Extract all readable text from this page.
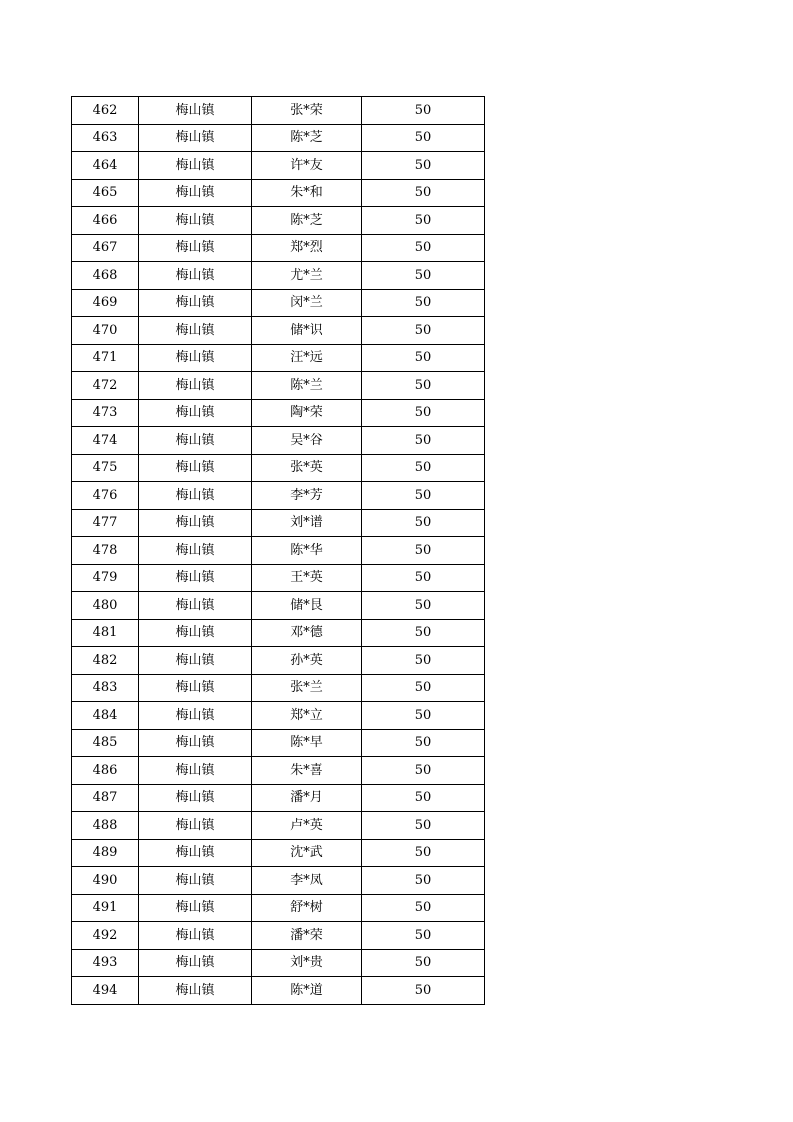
462	梅山镇	张*荣	50
463	梅山镇	陈*芝	50
464	梅山镇	许*友	50
465	梅山镇	朱*和	50
466	梅山镇	陈*芝	50
467	梅山镇	郑*烈	50
468	梅山镇	尤*兰	50
469	梅山镇	闵*兰	50
470	梅山镇	储*识	50
471	梅山镇	汪*远	50
472	梅山镇	陈*兰	50
473	梅山镇	陶*荣	50
474	梅山镇	吴*谷	50
475	梅山镇	张*英	50
476	梅山镇	李*芳	50
477	梅山镇	刘*谱	50
478	梅山镇	陈*华	50
479	梅山镇	王*英	50
480	梅山镇	储*艮	50
481	梅山镇	邓*德	50
482	梅山镇	孙*英	50
483	梅山镇	张*兰	50
484	梅山镇	郑*立	50
485	梅山镇	陈*早	50
486	梅山镇	朱*喜	50
487	梅山镇	潘*月	50
488	梅山镇	卢*英	50
489	梅山镇	沈*武	50
490	梅山镇	李*凤	50
491	梅山镇	舒*树	50
492	梅山镇	潘*荣	50
493	梅山镇	刘*贵	50
494	梅山镇	陈*道	50
